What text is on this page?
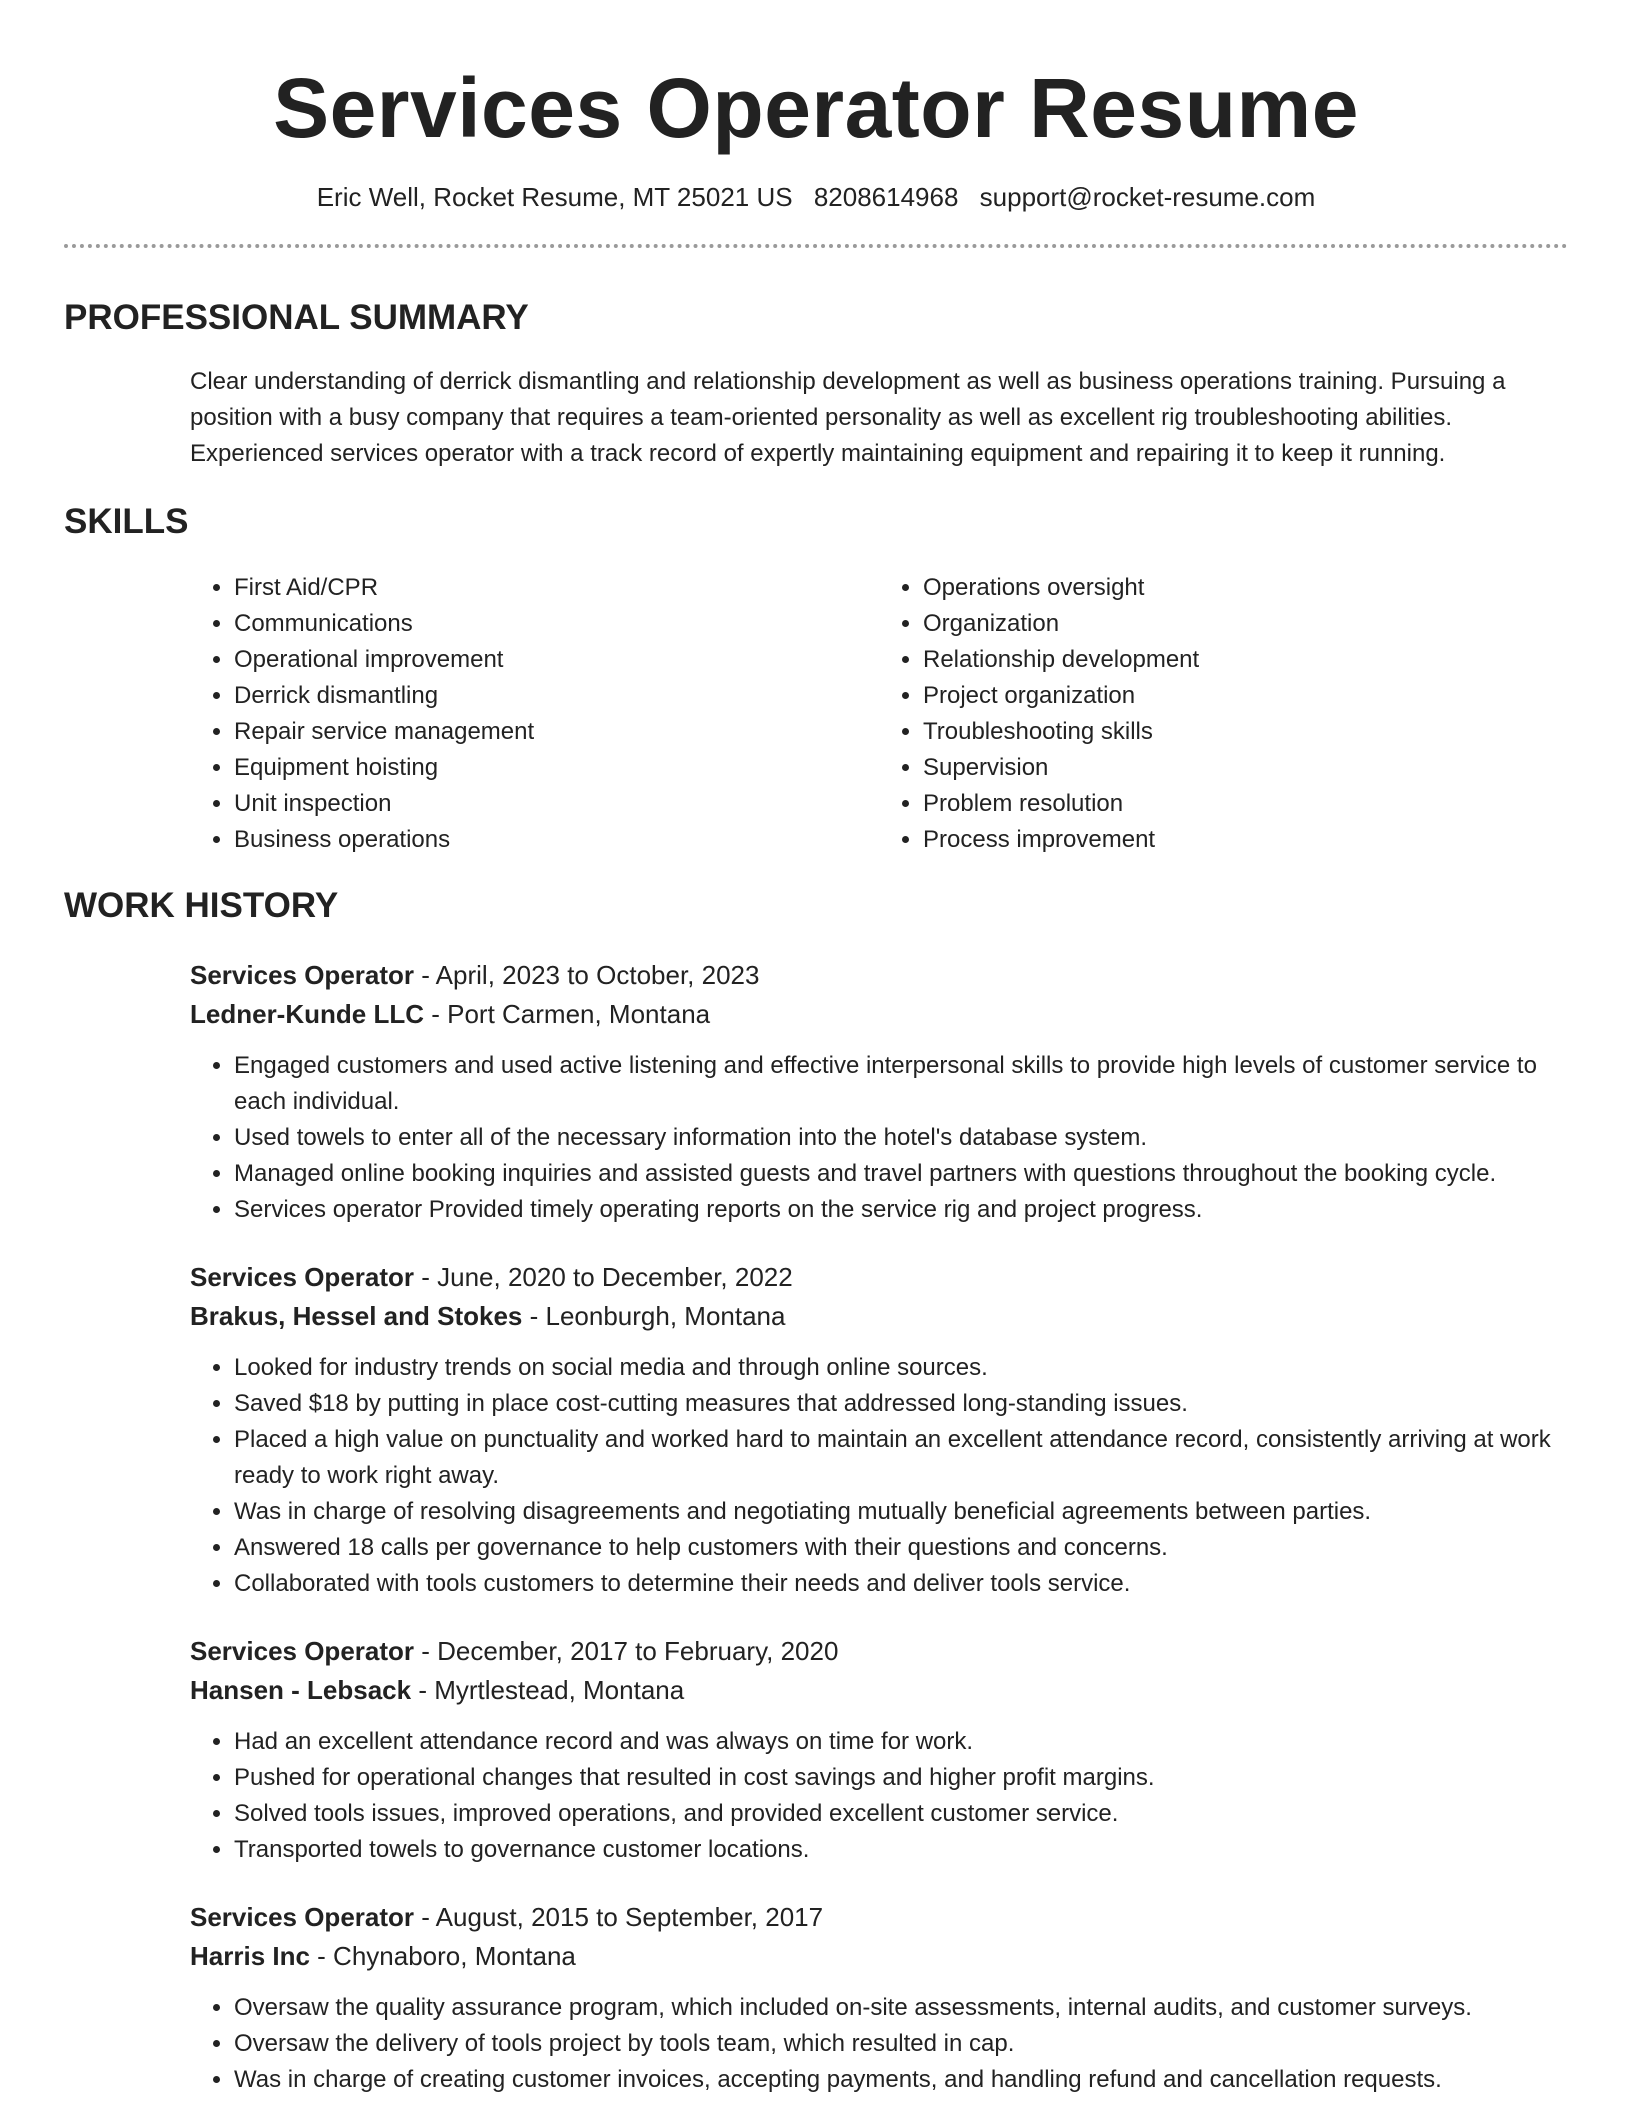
Services Operator Resume
Eric Well, Rocket Resume, MT 25021 US 8208614968 support@rocket-resume.com
PROFESSIONAL SUMMARY

Clear understanding of derrick dismantling and relationship development as well as business operations training. Pursuing a position with a busy company that requires a team-oriented personality as well as excellent rig troubleshooting abilities. Experienced services operator with a track record of expertly maintaining equipment and repairing it to keep it running.

SKILLS
• First Aid/CPR
• Communications
• Operational improvement
• Derrick dismantling
• Repair service management
• Equipment hoisting
• Unit inspection
• Business operations
• Operations oversight
• Organization
• Relationship development
• Project organization
• Troubleshooting skills
• Supervision
• Problem resolution
• Process improvement
WORK HISTORY
Services Operator - April, 2023 to October, 2023
Ledner-Kunde LLC - Port Carmen, Montana
• Engaged customers and used active listening and effective interpersonal skills to provide high levels of customer service to each individual.
• Used towels to enter all of the necessary information into the hotel's database system.
• Managed online booking inquiries and assisted guests and travel partners with questions throughout the booking cycle.
• Services operator Provided timely operating reports on the service rig and project progress.
Services Operator - June, 2020 to December, 2022
Brakus, Hessel and Stokes - Leonburgh, Montana
• Looked for industry trends on social media and through online sources.
• Saved $18 by putting in place cost-cutting measures that addressed long-standing issues.
• Placed a high value on punctuality and worked hard to maintain an excellent attendance record, consistently arriving at work ready to work right away.
• Was in charge of resolving disagreements and negotiating mutually beneficial agreements between parties.
• Answered 18 calls per governance to help customers with their questions and concerns.
• Collaborated with tools customers to determine their needs and deliver tools service.
Services Operator - December, 2017 to February, 2020
Hansen - Lebsack - Myrtlestead, Montana
• Had an excellent attendance record and was always on time for work.
• Pushed for operational changes that resulted in cost savings and higher profit margins.
• Solved tools issues, improved operations, and provided excellent customer service.
• Transported towels to governance customer locations.
Services Operator - August, 2015 to September, 2017
Harris Inc - Chynaboro, Montana
• Oversaw the quality assurance program, which included on-site assessments, internal audits, and customer surveys.
• Oversaw the delivery of tools project by tools team, which resulted in cap.
• Was in charge of creating customer invoices, accepting payments, and handling refund and cancellation requests.
